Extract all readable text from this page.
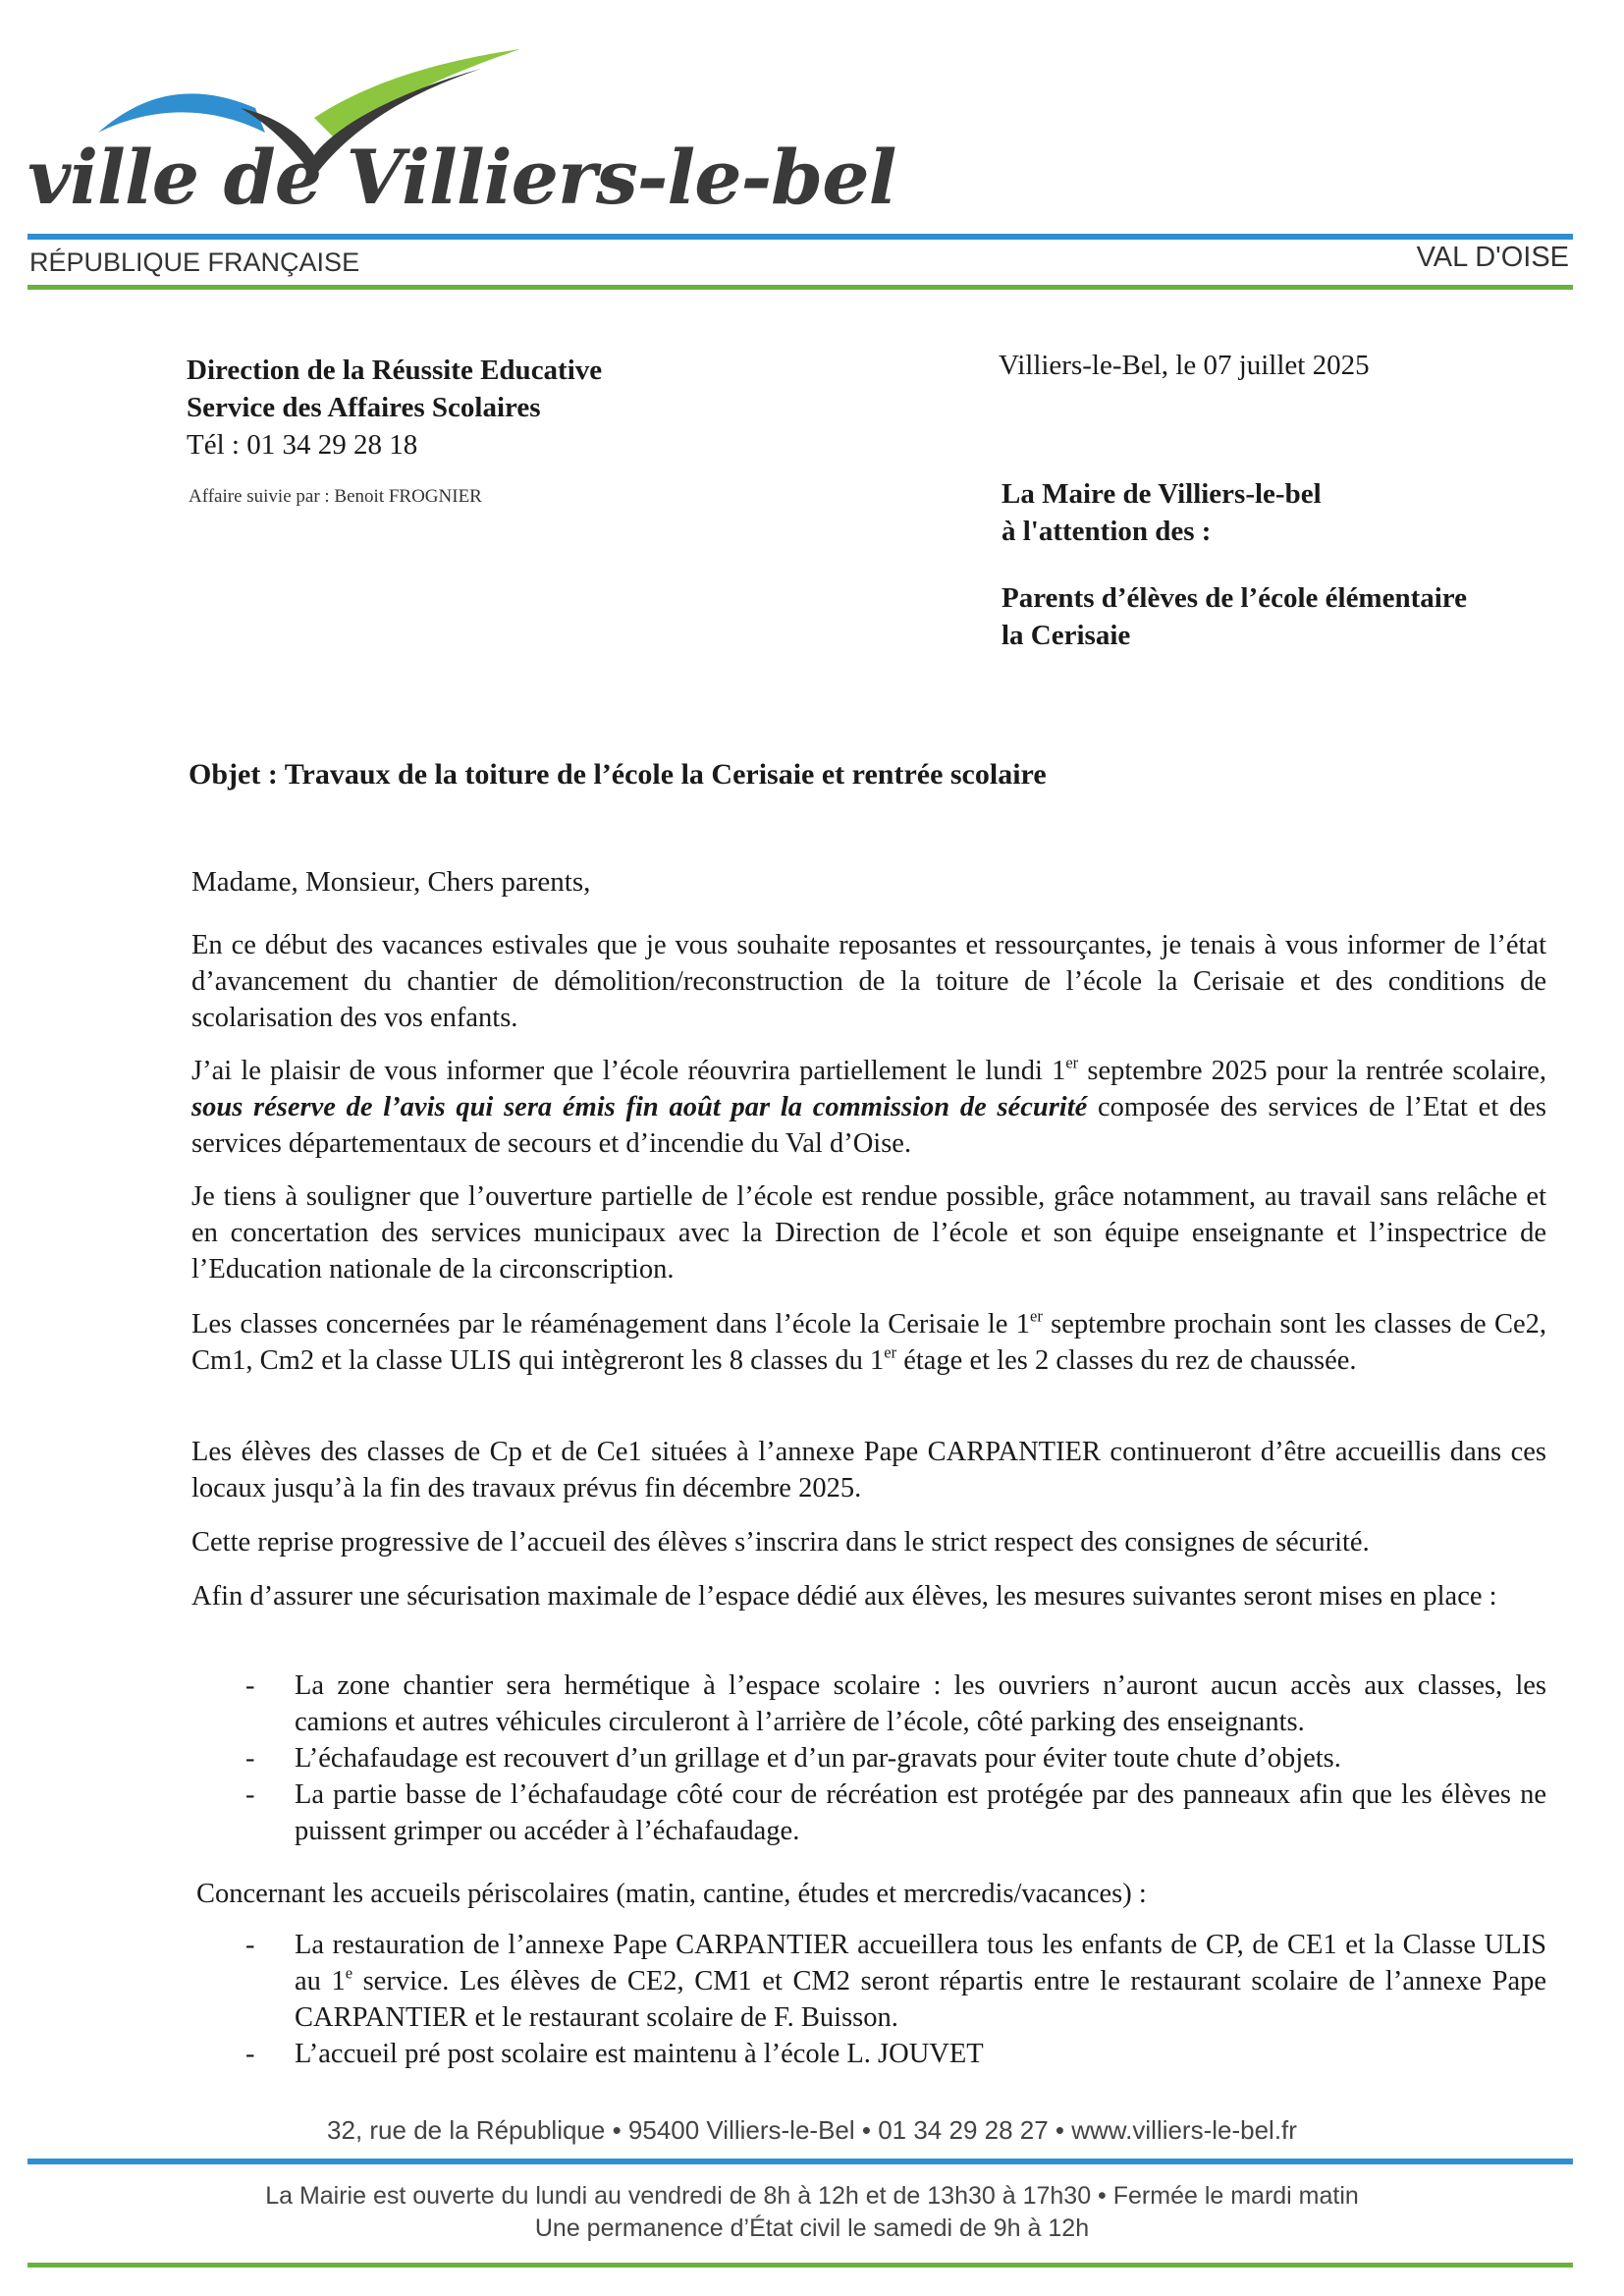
ville de Villiers-le-bel
RÉPUBLIQUE FRANÇAISE	VAL D'OISE
Direction de la Réussite Educative
Service des Affaires Scolaires
Tél : 01 34 29 28 18
Affaire suivie par : Benoit FROGNIER
Villiers-le-Bel, le 07 juillet 2025
La Maire de Villiers-le-bel
à l'attention des :
Parents d’élèves de l’école élémentaire
la Cerisaie
Objet : Travaux de la toiture de l’école la Cerisaie et rentrée scolaire
Madame, Monsieur, Chers parents,
En ce début des vacances estivales que je vous souhaite reposantes et ressourçantes, je tenais à vous informer de l’état d’avancement du chantier de démolition/reconstruction de la toiture de l’école la Cerisaie et des conditions de scolarisation des vos enfants.
J’ai le plaisir de vous informer que l’école réouvrira partiellement le lundi 1er septembre 2025 pour la rentrée scolaire, sous réserve de l’avis qui sera émis fin août par la commission de sécurité composée des services de l’Etat et des services départementaux de secours et d’incendie du Val d’Oise.
Je tiens à souligner que l’ouverture partielle de l’école est rendue possible, grâce notamment, au travail sans relâche et en concertation des services municipaux avec la Direction de l’école et son équipe enseignante et l’inspectrice de l’Education nationale de la circonscription.
Les classes concernées par le réaménagement dans l’école la Cerisaie le 1er septembre prochain sont les classes de Ce2, Cm1, Cm2 et la classe ULIS qui intègreront les 8 classes du 1er étage et les 2 classes du rez de chaussée.
Les élèves des classes de Cp et de Ce1 situées à l’annexe Pape CARPANTIER continueront d’être accueillis dans ces locaux jusqu’à la fin des travaux prévus fin décembre 2025.
Cette reprise progressive de l’accueil des élèves s’inscrira dans le strict respect des consignes de sécurité.
Afin d’assurer une sécurisation maximale de l’espace dédié aux élèves, les mesures suivantes seront mises en place :
- La zone chantier sera hermétique à l’espace scolaire : les ouvriers n’auront aucun accès aux classes, les camions et autres véhicules circuleront à l’arrière de l’école, côté parking des enseignants.
- L’échafaudage est recouvert d’un grillage et d’un par-gravats pour éviter toute chute d’objets.
- La partie basse de l’échafaudage côté cour de récréation est protégée par des panneaux afin que les élèves ne puissent grimper ou accéder à l’échafaudage.
Concernant les accueils périscolaires (matin, cantine, études et mercredis/vacances) :
- La restauration de l’annexe Pape CARPANTIER accueillera tous les enfants de CP, de CE1 et la Classe ULIS au 1e service. Les élèves de CE2, CM1 et CM2 seront répartis entre le restaurant scolaire de l’annexe Pape CARPANTIER et le restaurant scolaire de F. Buisson.
- L’accueil pré post scolaire est maintenu à l’école L. JOUVET
32, rue de la République • 95400 Villiers-le-Bel • 01 34 29 28 27 • www.villiers-le-bel.fr
La Mairie est ouverte du lundi au vendredi de 8h à 12h et de 13h30 à 17h30 • Fermée le mardi matin
Une permanence d’État civil le samedi de 9h à 12h
